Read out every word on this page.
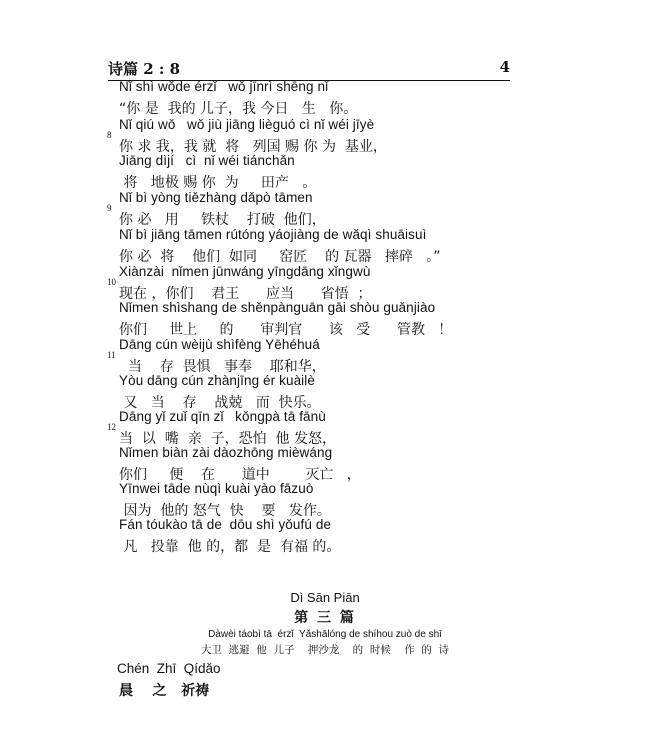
诗篇 2 : 8	4
Nǐ shì wǒde érzǐ   wǒ jīnrì shēng nǐ
“你 是  我的 儿子，我 今日   生   你。
8
Nǐ qiú wǒ   wǒ jiù jiāng lièguó cì nǐ wéi jīyè
你 求 我，我 就  将   列国 赐 你 为  基业，
Jiāng dìjí   cì  nǐ wéi tiánchǎn
将   地极 赐 你  为     田产   。
9
Nǐ bì yòng tiězhàng dǎpò tāmen
你 必   用     铁杖    打破  他们，
Nǐ bì jiāng tāmen rútóng yáojiàng de wǎqì shuāisuì
你 必  将    他们  如同     窑匠    的 瓦器   摔碎   。”
10
Xiànzài  nǐmen jūnwáng yīngdāng xǐngwù
现在 ，你们    君王      应当      省悟  ；
Nǐmen shìshang de shěnpànguān gāi shòu guǎnjiào
你们     世上     的      审判官      该   受      管教   ！
11
Dāng cún wèijù shìfèng Yēhéhuá
当    存  畏惧   事奉    耶和华，
Yòu dāng cún zhànjīng ér kuàilè
又   当    存    战兢   而  快乐。
12
Dāng yǐ zuǐ qīn zǐ   kǒngpà tā fānù
当  以  嘴  亲  子，恐怕  他 发怒，
Nǐmen biàn zài dàozhōng mièwáng
你们     便    在      道中        灭亡   ，
Yīnwei tāde nùqì kuài yào fāzuò
因为  他的 怒气  快    要   发作。
Fán tóukào tā de  dōu shì yǒufú de
凡   投靠  他 的，都  是  有福 的。
Dì Sān Piān
第 三 篇
Dàwèi táobì tā  érzǐ  Yǎshālóng de shíhou zuò de shī
大卫  逃避  他  儿子    押沙龙    的  时候    作  的  诗
Chén  Zhī  Qídǎo
晨    之   祈祷
